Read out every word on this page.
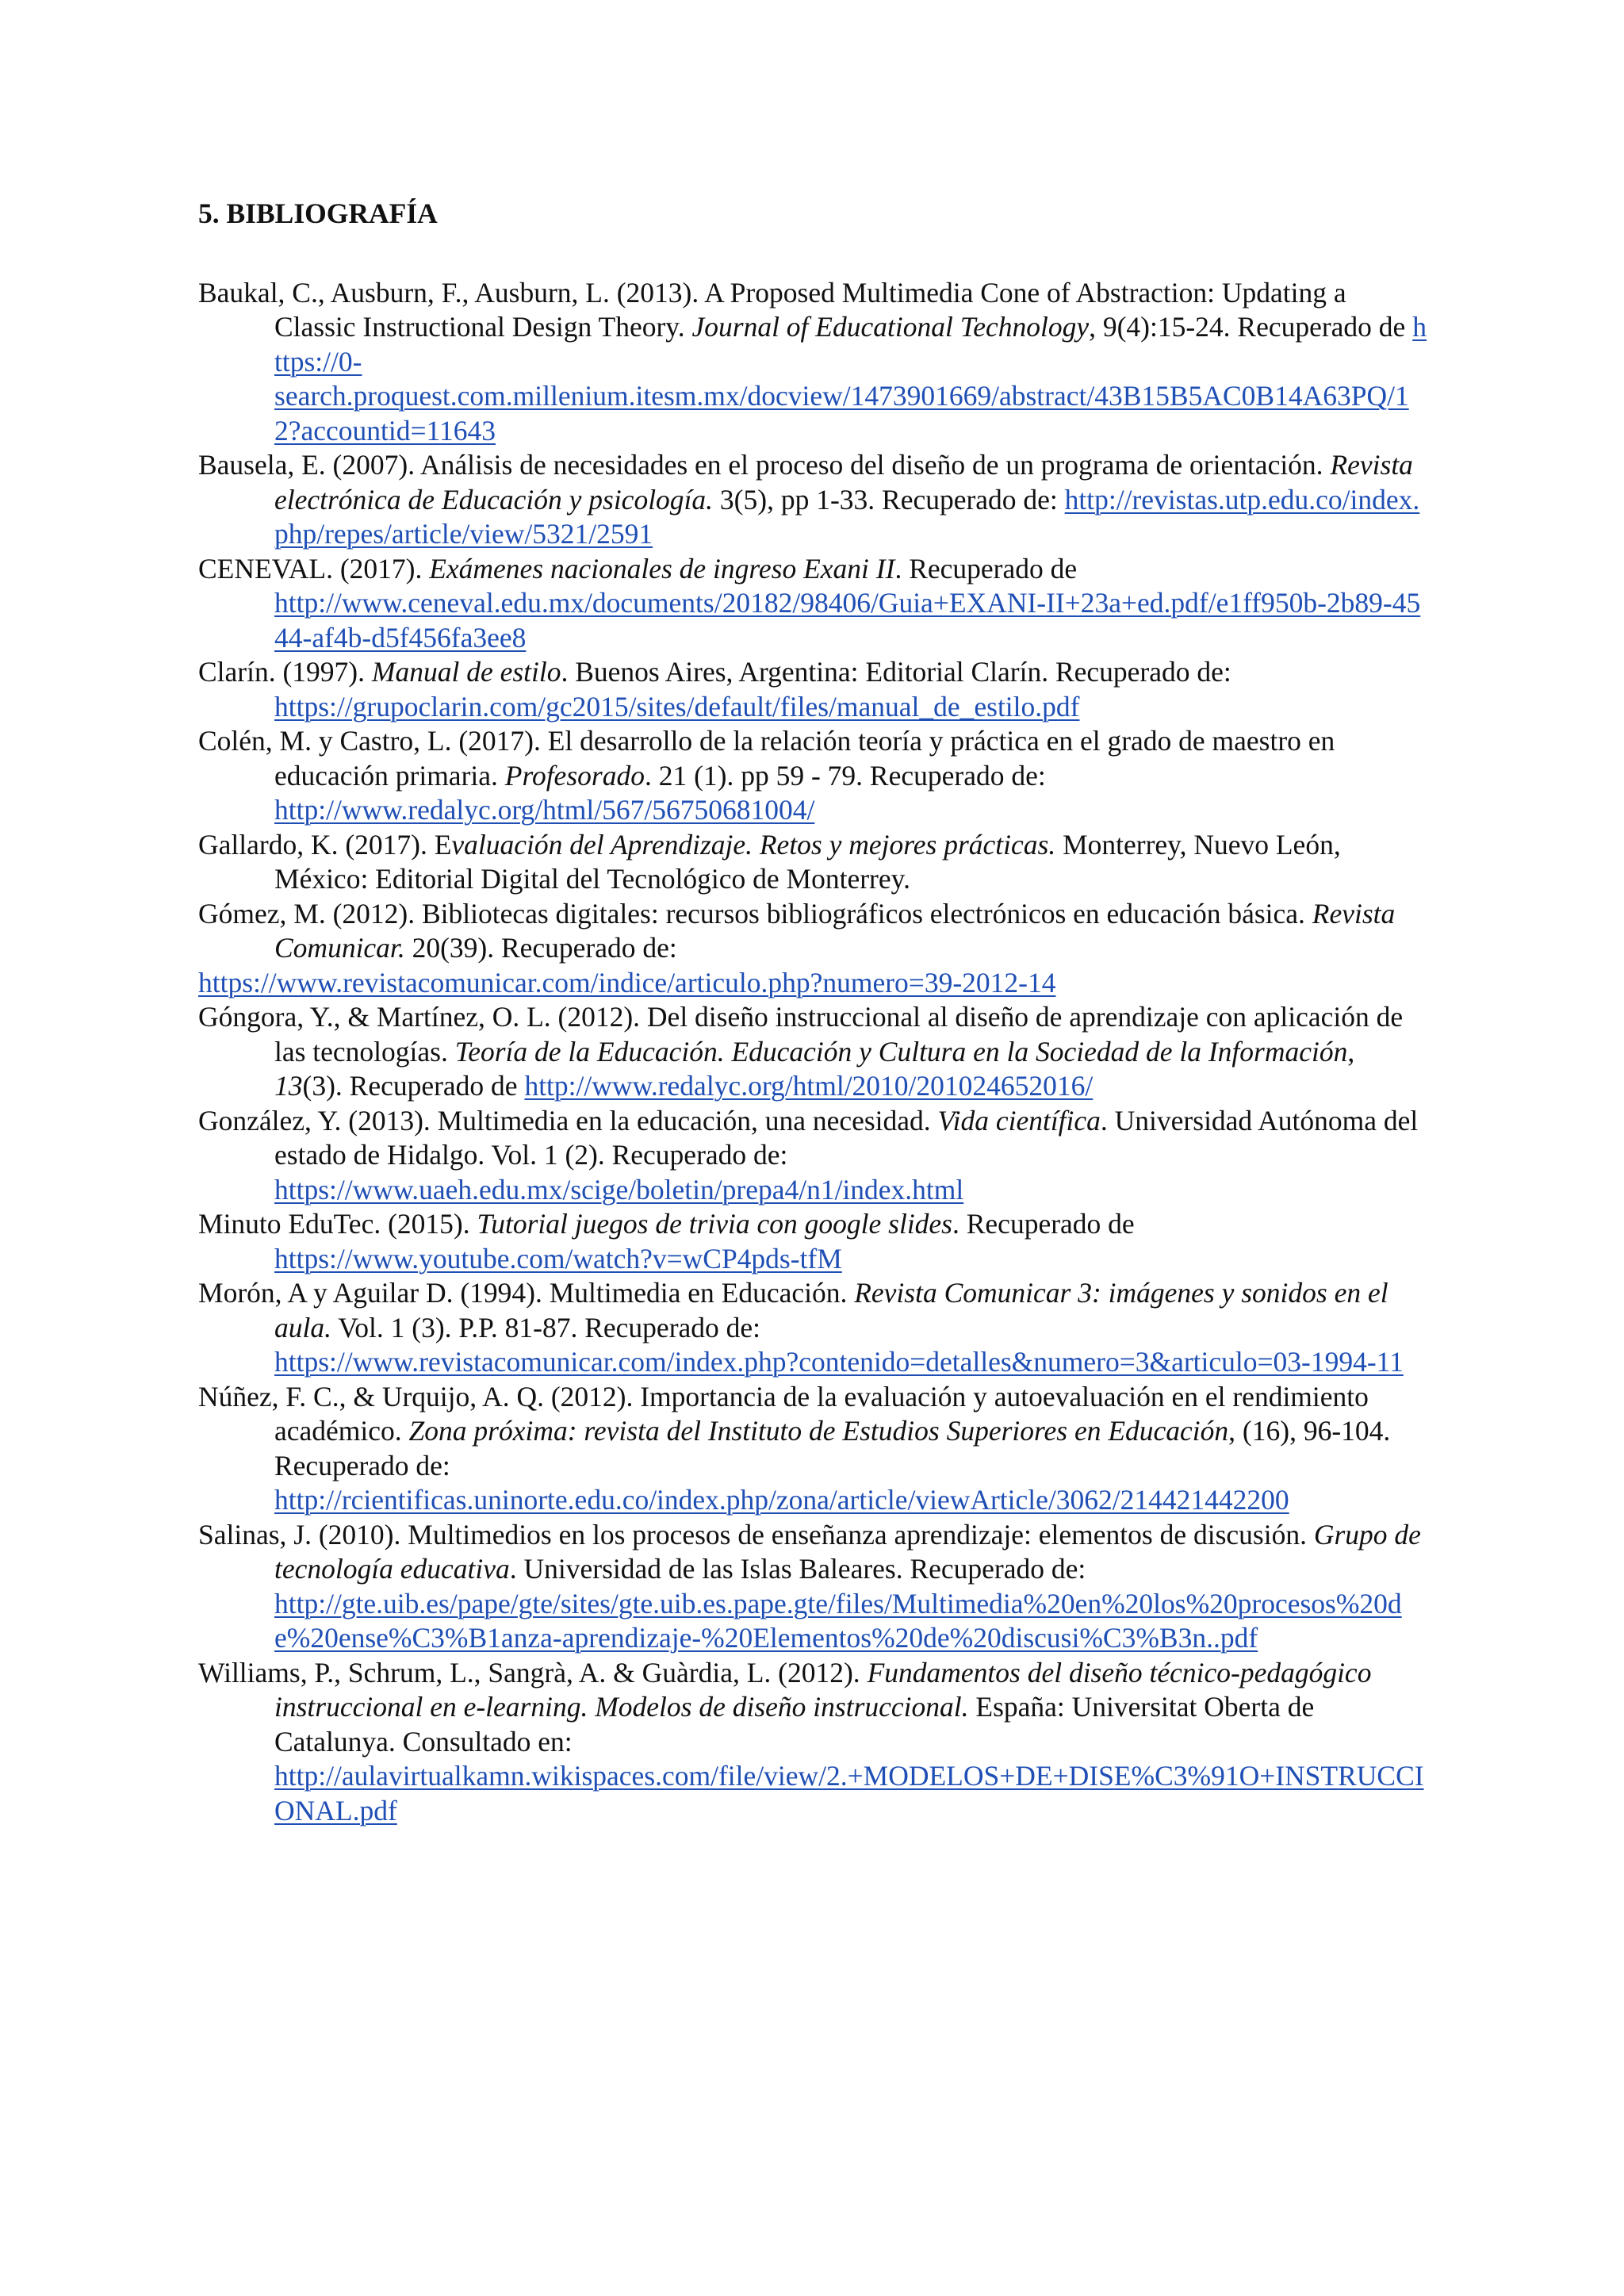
5. BIBLIOGRAFÍA

Baukal, C., Ausburn, F., Ausburn, L. (2013). A Proposed Multimedia Cone of Abstraction: Updating a Classic Instructional Design Theory. Journal of Educational Technology, 9(4):15-24. Recuperado de https://0-
search.proquest.com.millenium.itesm.mx/docview/1473901669/abstract/43B15B5AC0B14A63PQ/12?accountid=11643

Bausela, E. (2007). Análisis de necesidades en el proceso del diseño de un programa de orientación. Revista electrónica de Educación y psicología. 3(5), pp 1-33. Recuperado de: http://revistas.utp.edu.co/index.php/repes/article/view/5321/2591

CENEVAL. (2017). Exámenes nacionales de ingreso Exani II. Recuperado de
http://www.ceneval.edu.mx/documents/20182/98406/Guia+EXANI-II+23a+ed.pdf/e1ff950b-2b89-4544-af4b-d5f456fa3ee8

Clarín. (1997). Manual de estilo. Buenos Aires, Argentina: Editorial Clarín. Recuperado de:
https://grupoclarin.com/gc2015/sites/default/files/manual_de_estilo.pdf

Colén, M. y Castro, L. (2017). El desarrollo de la relación teoría y práctica en el grado de maestro en educación primaria. Profesorado. 21 (1). pp 59 - 79. Recuperado de:
http://www.redalyc.org/html/567/56750681004/

Gallardo, K. (2017). Evaluación del Aprendizaje. Retos y mejores prácticas. Monterrey, Nuevo León, México: Editorial Digital del Tecnológico de Monterrey.

Gómez, M. (2012). Bibliotecas digitales: recursos bibliográficos electrónicos en educación básica. Revista Comunicar. 20(39). Recuperado de:
https://www.revistacomunicar.com/indice/articulo.php?numero=39-2012-14

Góngora, Y., & Martínez, O. L. (2012). Del diseño instruccional al diseño de aprendizaje con aplicación de las tecnologías. Teoría de la Educación. Educación y Cultura en la Sociedad de la Información, 13(3). Recuperado de http://www.redalyc.org/html/2010/201024652016/

González, Y. (2013). Multimedia en la educación, una necesidad. Vida científica. Universidad Autónoma del estado de Hidalgo. Vol. 1 (2). Recuperado de:
https://www.uaeh.edu.mx/scige/boletin/prepa4/n1/index.html

Minuto EduTec. (2015). Tutorial juegos de trivia con google slides. Recuperado de
https://www.youtube.com/watch?v=wCP4pds-tfM

Morón, A y Aguilar D. (1994). Multimedia en Educación. Revista Comunicar 3: imágenes y sonidos en el aula. Vol. 1 (3). P.P. 81-87. Recuperado de:
https://www.revistacomunicar.com/index.php?contenido=detalles&numero=3&articulo=03-1994-11

Núñez, F. C., & Urquijo, A. Q. (2012). Importancia de la evaluación y autoevaluación en el rendimiento académico. Zona próxima: revista del Instituto de Estudios Superiores en Educación, (16), 96-104. Recuperado de:
http://rcientificas.uninorte.edu.co/index.php/zona/article/viewArticle/3062/214421442200

Salinas, J. (2010). Multimedios en los procesos de enseñanza aprendizaje: elementos de discusión. Grupo de tecnología educativa. Universidad de las Islas Baleares. Recuperado de:
http://gte.uib.es/pape/gte/sites/gte.uib.es.pape.gte/files/Multimedia%20en%20los%20procesos%20de%20ense%C3%B1anza-aprendizaje-%20Elementos%20de%20discusi%C3%B3n..pdf

Williams, P., Schrum, L., Sangrà, A. & Guàrdia, L. (2012). Fundamentos del diseño técnico-pedagógico instruccional en e-learning. Modelos de diseño instruccional. España: Universitat Oberta de Catalunya. Consultado en:
http://aulavirtualkamn.wikispaces.com/file/view/2.+MODELOS+DE+DISE%C3%91O+INSTRUCCIONAL.pdf
